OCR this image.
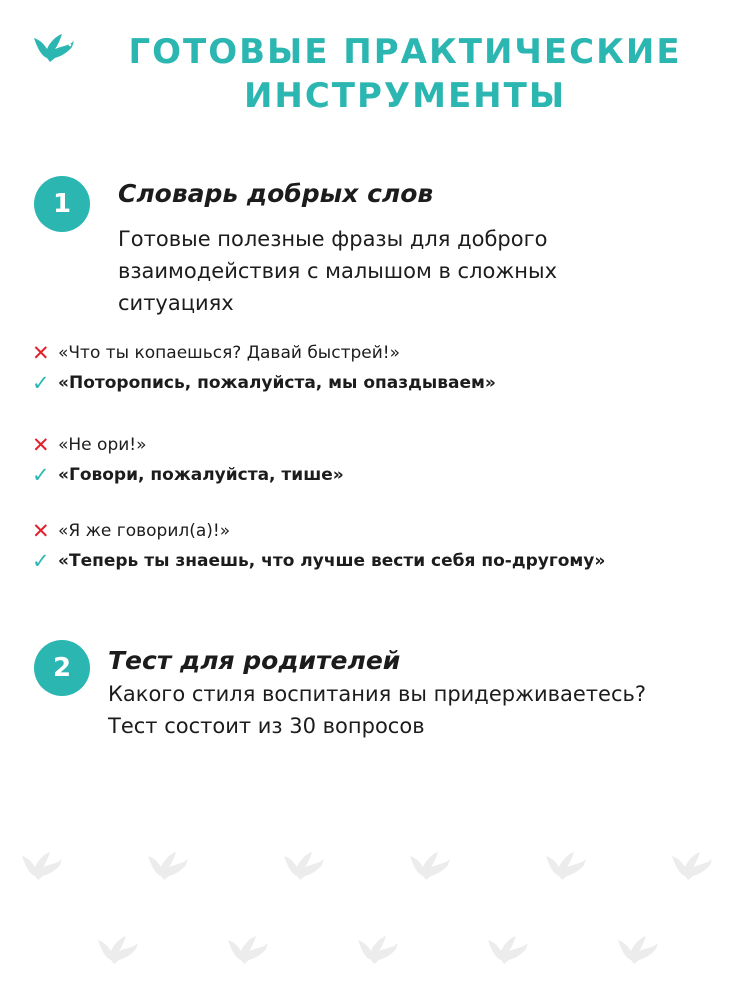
ГОТОВЫЕ ПРАКТИЧЕСКИЕ
ИНСТРУМЕНТЫ
1	Словарь добрых слов
Готовые полезные фразы для доброго
взаимодействия с малышом в сложных
ситуациях
✕ «Что ты копаешься? Давай быстрей!»
✓ «Поторопись, пожалуйста, мы опаздываем»
✕ «Не ори!»
✓ «Говори, пожалуйста, тише»
✕ «Я же говорил(а)!»
✓ «Теперь ты знаешь, что лучше вести себя по-другому»
2	Тест для родителей
Какого стиля воспитания вы придерживаетесь?
Тест состоит из 30 вопросов
